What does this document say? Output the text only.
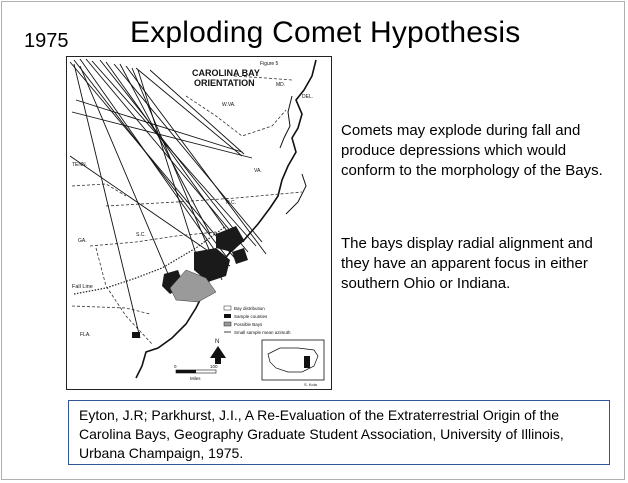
1975 Exploding Comet Hypothesis
Figure 5
CAROLINA BAY
ORIENTATION
TENN.
GA.
FLA.
S.C.
N.C.
VA.
W.VA.
MD.
DEL.
Fall Line
Bay distribution
Sample counties
Possible Bays
Small sample mean azimuth
N
0	100
Miles
S. Kola
Comets may explode during fall and produce depressions which would conform to the morphology of the Bays.
The bays display radial alignment and they have an apparent focus in either southern Ohio or Indiana.
Eyton, J.R; Parkhurst, J.I., A Re-Evaluation of the Extraterrestrial Origin of the Carolina Bays, Geography Graduate Student Association, University of Illinois, Urbana Champaign, 1975.
